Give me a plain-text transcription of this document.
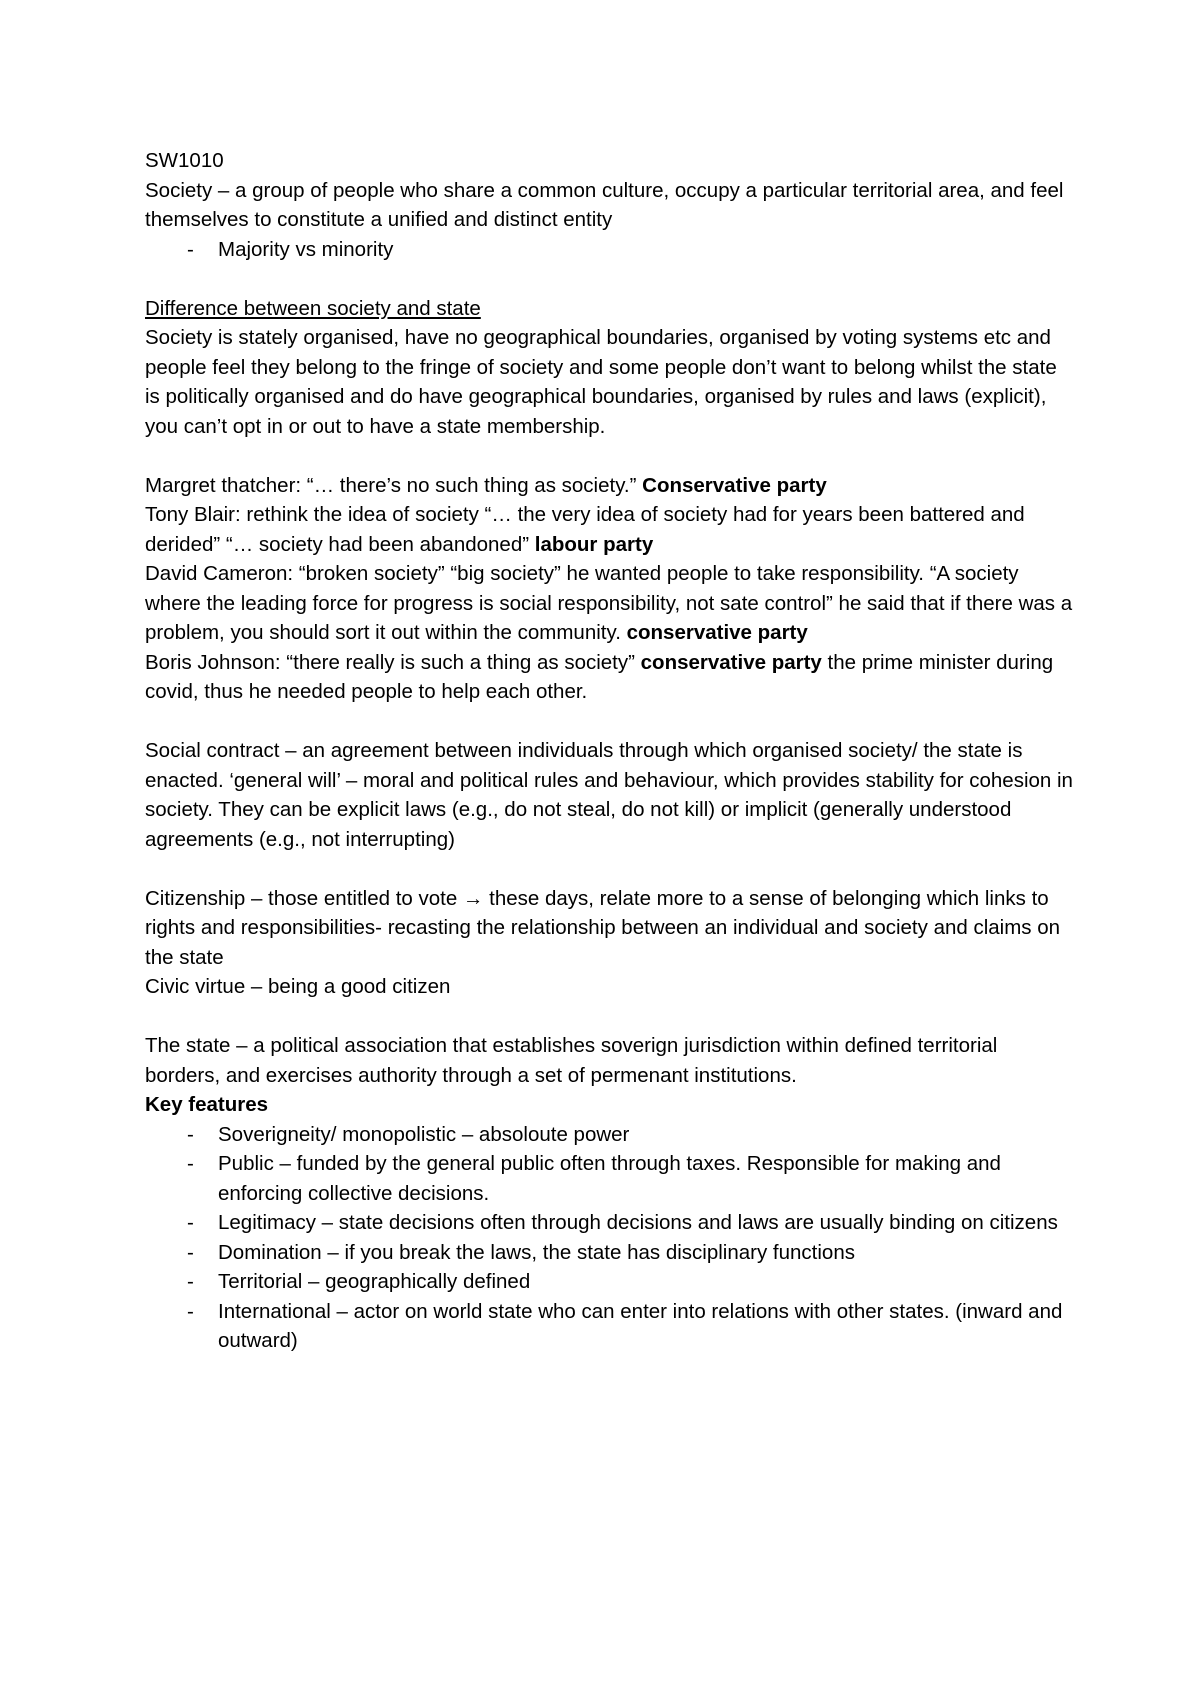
SW1010

Society – a group of people who share a common culture, occupy a particular territorial area, and feel themselves to constitute a unified and distinct entity

- Majority vs minority

Difference between society and state

Society is stately organised, have no geographical boundaries, organised by voting systems etc and people feel they belong to the fringe of society and some people don’t want to belong whilst the state is politically organised and do have geographical boundaries, organised by rules and laws (explicit), you can’t opt in or out to have a state membership.

Margret thatcher: “… there’s no such thing as society.” Conservative party

Tony Blair: rethink the idea of society “… the very idea of society had for years been battered and derided” “… society had been abandoned” labour party

David Cameron: “broken society” “big society” he wanted people to take responsibility. “A society where the leading force for progress is social responsibility, not sate control” he said that if there was a problem, you should sort it out within the community. conservative party

Boris Johnson: “there really is such a thing as society” conservative party the prime minister during covid, thus he needed people to help each other.

Social contract – an agreement between individuals through which organised society/ the state is enacted. ‘general will’ – moral and political rules and behaviour, which provides stability for cohesion in society. They can be explicit laws (e.g., do not steal, do not kill) or implicit (generally understood agreements (e.g., not interrupting)

Citizenship – those entitled to vote → these days, relate more to a sense of belonging which links to rights and responsibilities- recasting the relationship between an individual and society and claims on the state

Civic virtue – being a good citizen

The state – a political association that establishes soverign jurisdiction within defined territorial borders, and exercises authority through a set of permenant institutions.

Key features

- Soverigneity/ monopolistic – absoloute power
- Public – funded by the general public often through taxes. Responsible for making and enforcing collective decisions.
- Legitimacy – state decisions often through decisions and laws are usually binding on citizens
- Domination – if you break the laws, the state has disciplinary functions
- Territorial – geographically defined
- International – actor on world state who can enter into relations with other states. (inward and outward)
